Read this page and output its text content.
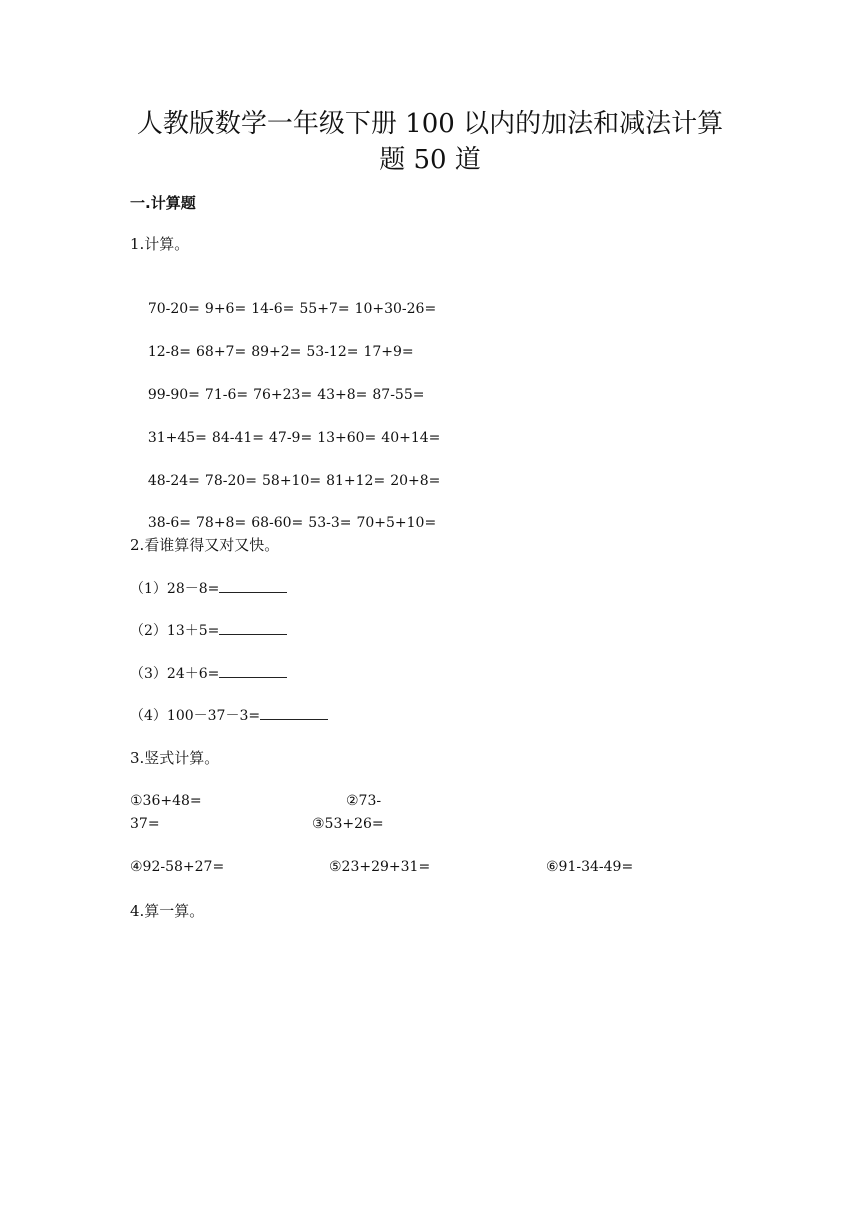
人教版数学一年级下册 100 以内的加法和减法计算
题 50 道
一.计算题
1.计算。

70-20= 9+6= 14-6= 55+7= 10+30-26=

12-8= 68+7= 89+2= 53-12= 17+9=

99-90= 71-6= 76+23= 43+8= 87-55=

31+45= 84-41= 47-9= 13+60= 40+14=

48-24= 78-20= 58+10= 81+12= 20+8=

38-6= 78+8= 68-60= 53-3= 70+5+10=

2.看谁算得又对又快。
（1）28－8=
（2）13＋5=
（3）24＋6=
（4）100－37－3=
3.竖式计算。
①36+48=	②73-
37=	③53+26=
④92-58+27=	⑤23+29+31=	⑥91-34-49=
4.算一算。
